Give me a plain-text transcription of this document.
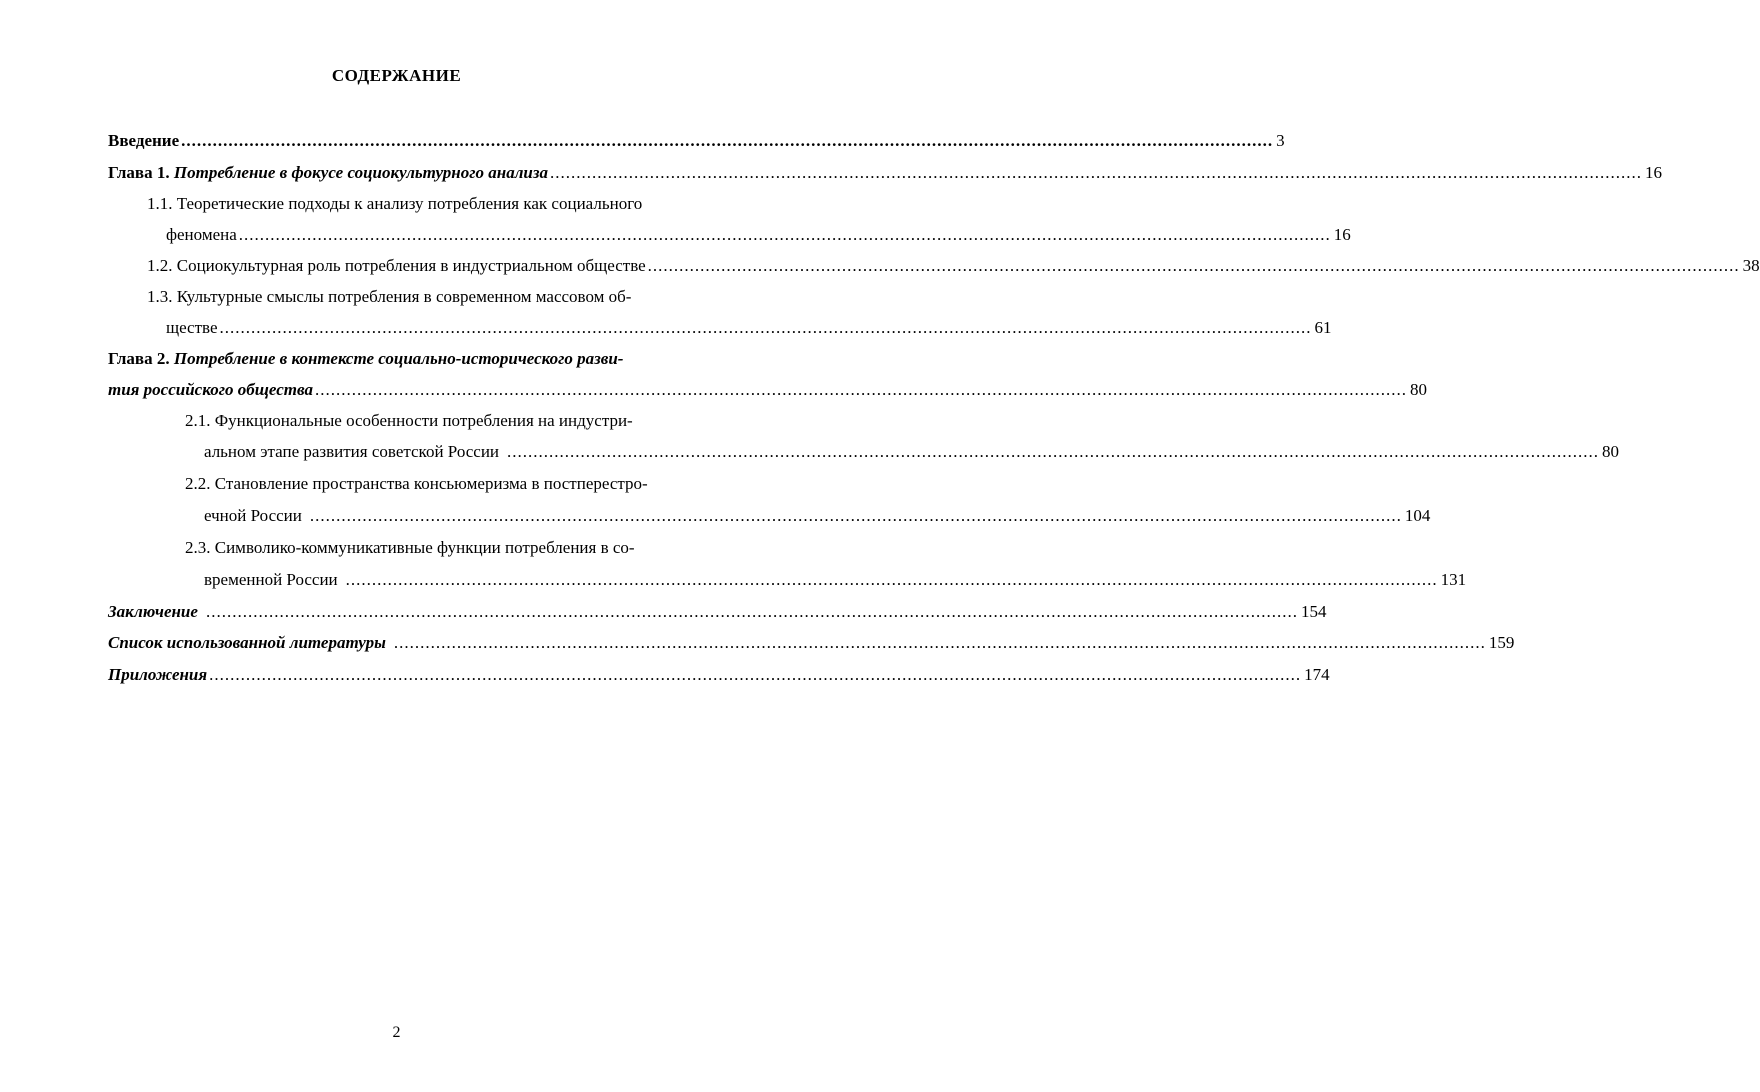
СОДЕРЖАНИЕ
Введение ................................................................................................................................................................................................................ 3
Глава 1. Потребление в фокусе социокультурного анализа ................................................................................................................................................................................................................ 16
1.1. Теоретические подходы к анализу потребления как социального
феномена ................................................................................................................................................................................................................ 16
1.2. Социокультурная роль потребления в индустриальном обществе ................................................................................................................................................................................................................ 38
1.3. Культурные смыслы потребления в современном массовом об-
ществе ................................................................................................................................................................................................................ 61
Глава 2. Потребление в контексте социально-исторического разви-
тия российского общества ................................................................................................................................................................................................................ 80
2.1. Функциональные особенности потребления на индустри-
альном этапе развития советской России ................................................................................................................................................................................................................ 80
2.2. Становление пространства консьюмеризма в постперестро-
ечной России ................................................................................................................................................................................................................ 104
2.3. Символико-коммуникативные функции потребления в со-
временной России ................................................................................................................................................................................................................ 131
Заключение ................................................................................................................................................................................................................ 154
Список использованной литературы ................................................................................................................................................................................................................ 159
Приложения ................................................................................................................................................................................................................ 174
2
